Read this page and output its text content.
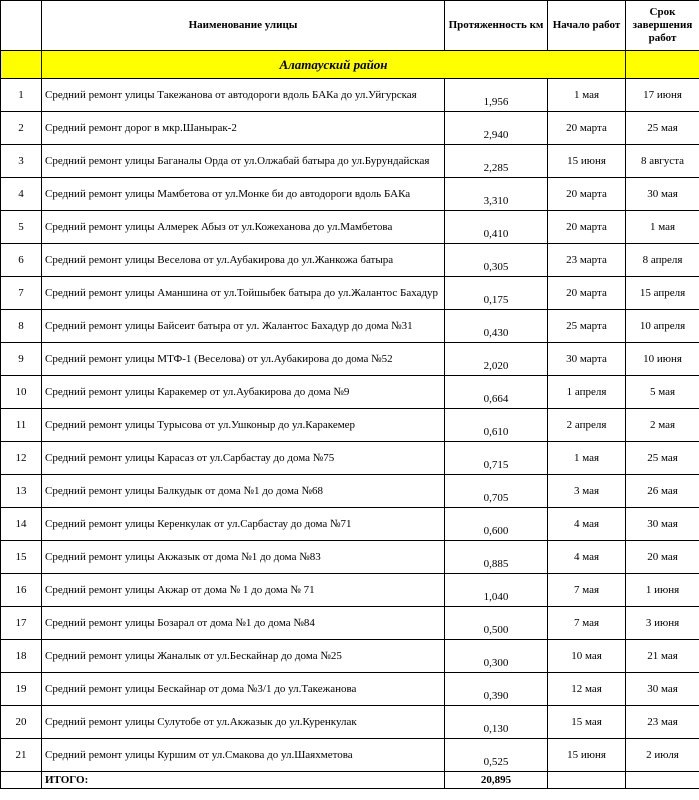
	Наименование улицы	Протяженность км	Начало работ	Срок завершения работ
	Алатауский район			
1	Средний ремонт улицы Такежанова от автодороги вдоль БАКа до ул.Уйгурская	1,956	1 мая	17 июня
2	Средний ремонт дорог в мкр.Шанырак-2	2,940	20 марта	25 мая
3	Средний ремонт улицы Баганалы Орда от ул.Олжабай батыра до ул.Бурундайская	2,285	15 июня	8 августа
4	Средний ремонт улицы Мамбетова от ул.Монке би до автодороги вдоль БАКа	3,310	20 марта	30 мая
5	Средний ремонт улицы Алмерек Абыз от ул.Кожеханова до ул.Мамбетова	0,410	20 марта	1 мая
6	Средний ремонт улицы Веселова от ул.Аубакирова до ул.Жанкожа батыра	0,305	23 марта	8 апреля
7	Средний ремонт улицы Аманшина от ул.Тойшыбек батыра до ул.Жалантос Бахадур	0,175	20 марта	15 апреля
8	Средний ремонт улицы Байсеит батыра от ул. Жалантос Бахадур до дома №31	0,430	25 марта	10 апреля
9	Средний ремонт улицы МТФ-1 (Веселова) от ул.Аубакирова до дома №52	2,020	30 марта	10 июня
10	Средний ремонт улицы Каракемер от ул.Аубакирова до дома №9	0,664	1 апреля	5 мая
11	Средний ремонт улицы Турысова от ул.Ушконыр до ул.Каракемер	0,610	2 апреля	2 мая
12	Средний ремонт улицы Карасаз от ул.Сарбастау до дома №75	0,715	1 мая	25 мая
13	Средний ремонт улицы Балкудык от дома №1 до дома №68	0,705	3 мая	26 мая
14	Средний ремонт улицы Керенкулак от ул.Сарбастау до дома №71	0,600	4 мая	30 мая
15	Средний ремонт улицы Акжазык от дома №1 до дома №83	0,885	4 мая	20 мая
16	Средний ремонт улицы Акжар от дома № 1 до дома № 71	1,040	7 мая	1 июня
17	Средний ремонт улицы Бозарал от дома №1 до дома №84	0,500	7 мая	3 июня
18	Средний ремонт улицы Жаналык от ул.Бескайнар до дома №25	0,300	10 мая	21 мая
19	Средний ремонт улицы Бескайнар от дома №3/1 до ул.Такежанова	0,390	12 мая	30 мая
20	Средний ремонт улицы Сулутобе от ул.Акжазык до ул.Куренкулак	0,130	15 мая	23 мая
21	Средний ремонт улицы Куршим от ул.Смакова до ул.Шаяхметова	0,525	15 июня	2 июля
	ИТОГО:	20,895		
